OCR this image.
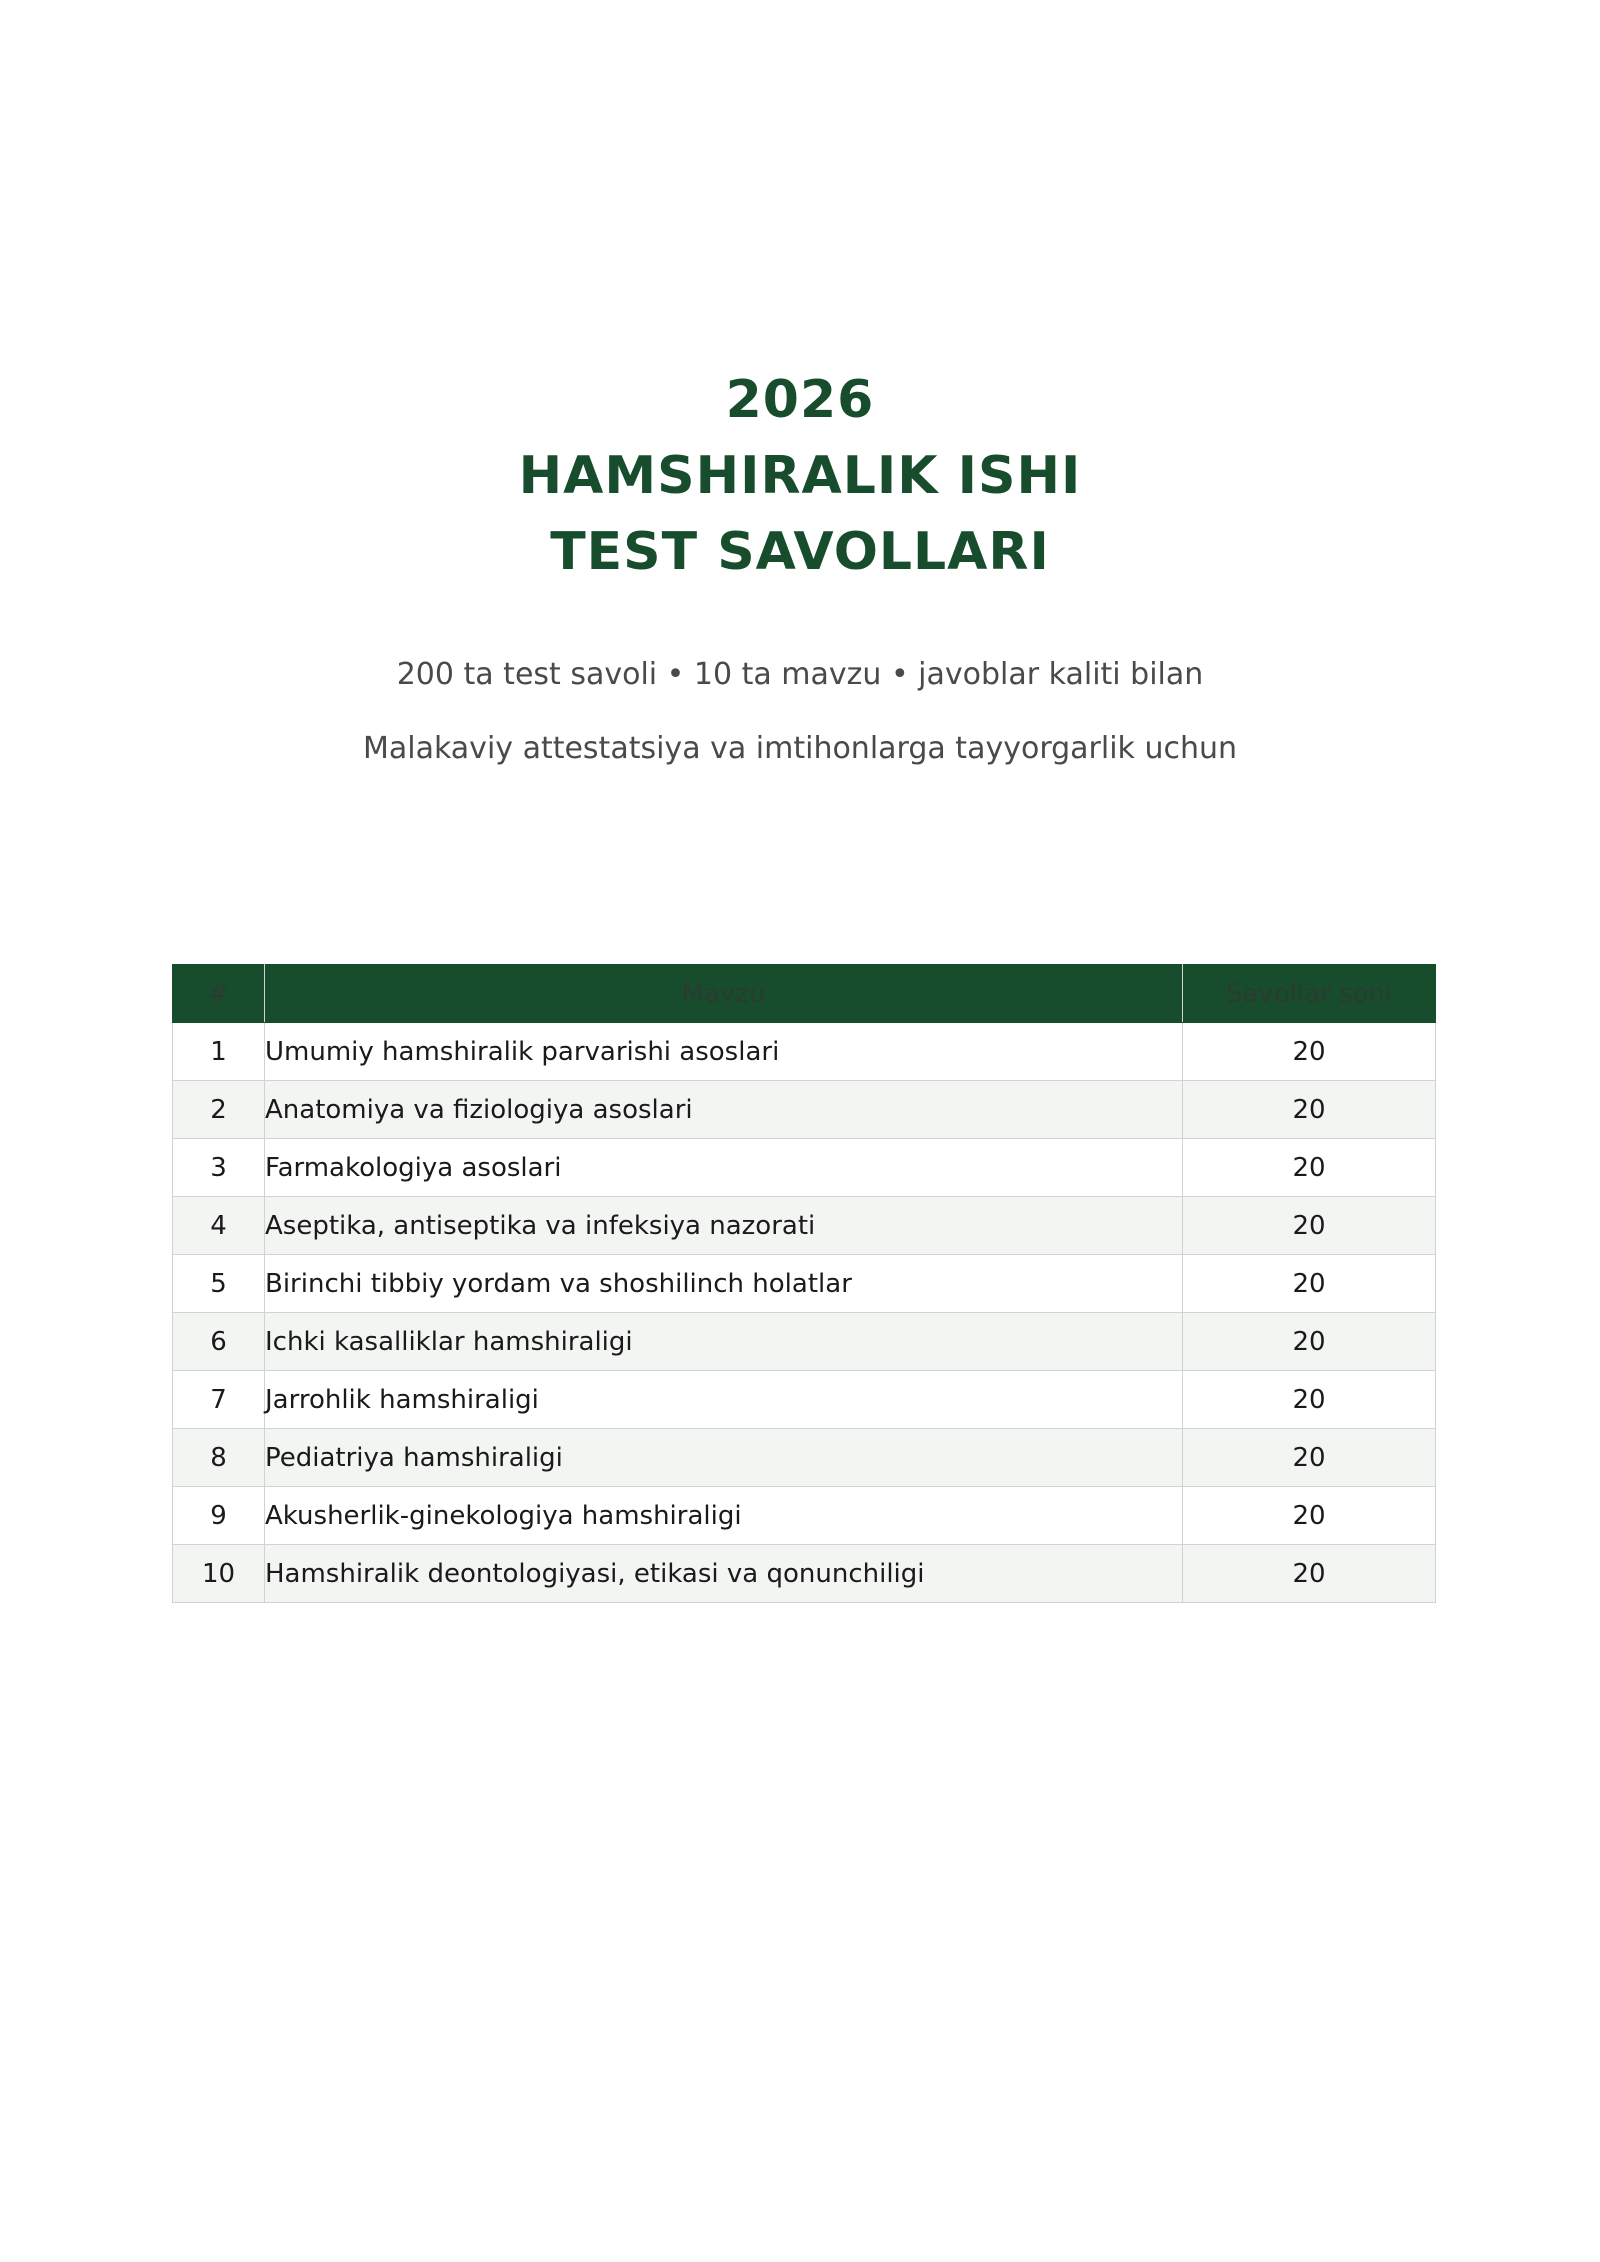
2026
HAMSHIRALIK ISHI
TEST SAVOLLARI
200 ta test savoli • 10 ta mavzu • javoblar kaliti bilan
Malakaviy attestatsiya va imtihonlarga tayyorgarlik uchun
#	Mavzu	Savollar soni
1	Umumiy hamshiralik parvarishi asoslari	20
2	Anatomiya va fiziologiya asoslari	20
3	Farmakologiya asoslari	20
4	Aseptika, antiseptika va infeksiya nazorati	20
5	Birinchi tibbiy yordam va shoshilinch holatlar	20
6	Ichki kasalliklar hamshiraligi	20
7	Jarrohlik hamshiraligi	20
8	Pediatriya hamshiraligi	20
9	Akusherlik-ginekologiya hamshiraligi	20
10	Hamshiralik deontologiyasi, etikasi va qonunchiligi	20
